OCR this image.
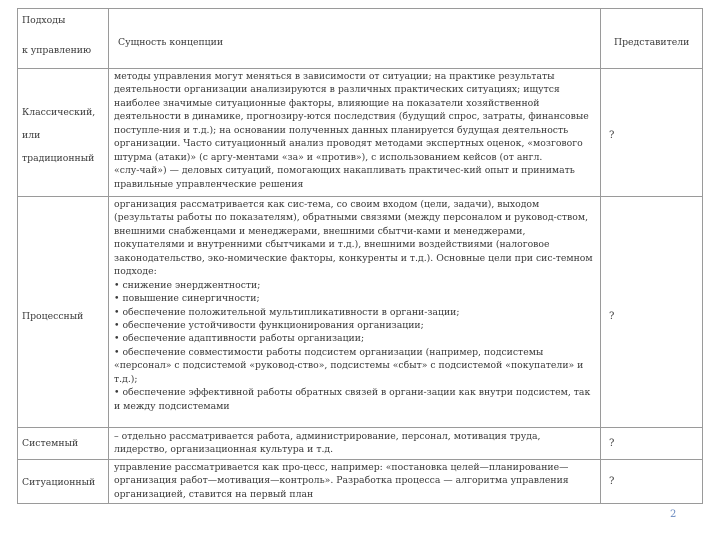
Подходы
к управлению
Сущность концепции	Представители
Классический,
или
традиционный
методы управления могут меняться в зависимости от ситуации; на практике результаты
деятельности организации анализируются в различных практических ситуациях; ищутся
наиболее значимые ситуационные факторы, влияющие на показатели хозяйственной
деятельности в динамике, прогнозиру-ются последствия (будущий спрос, затраты, финансовые
поступле-ния и т.д.); на основании полученных данных планируется будущая деятельность
организации. Часто ситуационный анализ проводят методами экспертных оценок, «мозгового
штурма (атаки)» (с аргу-ментами «за» и «против»), с использованием кейсов (от англ.
«слу-чай») — деловых ситуаций, помогающих накапливать практичес-кий опыт и принимать
правильные управленческие решения
?
Процессный
организация рассматривается как сис-тема, со своим входом (цели, задачи), выходом
(результаты работы по показателям), обратными связями (между персоналом и руковод-ством,
внешними снабженцами и менеджерами, внешними сбытчи-ками и менеджерами,
покупателями и внутренними сбытчиками и т.д.), внешними воздействиями (налоговое
законодательство, эко-номические факторы, конкуренты и т.д.). Основные цели при сис-темном
подходе:
• снижение энерджентности;
• повышение синергичности;
• обеспечение положительной мультипликативности в органи-зации;
• обеспечение устойчивости функционирования организации;
• обеспечение адаптивности работы организации;
• обеспечение совместимости работы подсистем организации (например, подсистемы
«персонал» с подсистемой «руковод-ство», подсистемы «сбыт» с подсистемой «покупатели» и
т.д.);
• обеспечение эффективной работы обратных связей в органи-зации как внутри подсистем, так
и между подсистемами
?
Системный
– отдельно рассматривается работа, администрирование, персонал, мотивация труда,
лидерство, организационная культура и т.д.
?
Ситуационный
управление рассматривается как про-цесс, например: «постановка целей—планирование—
организация работ—мотивация—контроль». Разработка процесса — алгоритма управления
организацией, ставится на первый план
?
2
